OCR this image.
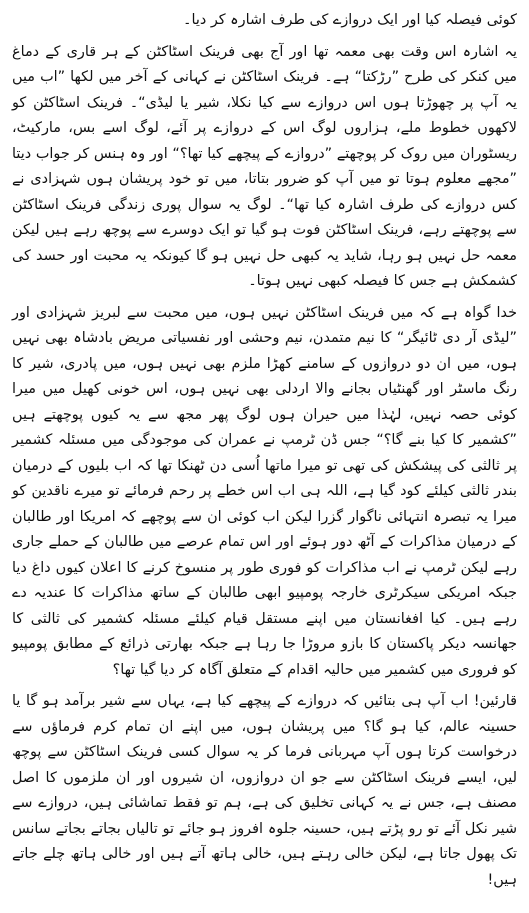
کوئی فیصلہ کیا اور ایک دروازے کی طرف اشارہ کر دیا۔

یہ اشارہ اس وقت بھی معمہ تھا اور آج بھی فرینک اسٹاکٹن کے ہر قاری کے دماغ میں کنکر کی طرح ”رڑکتا“ ہے۔ فرینک اسٹاکٹن نے کہانی کے آخر میں لکھا ”اب میں یہ آپ پر چھوڑتا ہوں اس دروازے سے کیا نکلا، شیر یا لیڈی“۔ فرینک اسٹاکٹن کو لاکھوں خطوط ملے، ہزاروں لوگ اس کے دروازے پر آئے، لوگ اسے بس، مارکیٹ، ریسٹوران میں روک کر پوچھتے ”دروازے کے پیچھے کیا تھا؟“ اور وہ ہنس کر جواب دیتا ”مجھے معلوم ہوتا تو میں آپ کو ضرور بتاتا، میں تو خود پریشان ہوں شہزادی نے کس دروازے کی طرف اشارہ کیا تھا“۔ لوگ یہ سوال پوری زندگی فرینک اسٹاکٹن سے پوچھتے رہے، فرینک اسٹاکٹن فوت ہو گیا تو ایک دوسرے سے پوچھ رہے ہیں لیکن معمہ حل نہیں ہو رہا، شاید یہ کبھی حل نہیں ہو گا کیونکہ یہ محبت اور حسد کی کشمکش ہے جس کا فیصلہ کبھی نہیں ہوتا۔

خدا گواہ ہے کہ میں فرینک اسٹاکٹن نہیں ہوں، میں محبت سے لبریز شہزادی اور ”لیڈی آر دی ٹائیگر“ کا نیم متمدن، نیم وحشی اور نفسیاتی مریض بادشاہ بھی نہیں ہوں، میں ان دو دروازوں کے سامنے کھڑا ملزم بھی نہیں ہوں، میں پادری، شیر کا رنگ ماسٹر اور گھنٹیاں بجانے والا اردلی بھی نہیں ہوں، اس خونی کھیل میں میرا کوئی حصہ نہیں، لہٰذا میں حیران ہوں لوگ پھر مجھ سے یہ کیوں پوچھتے ہیں ”کشمیر کا کیا بنے گا؟“ جس ڈن ٹرمپ نے عمران کی موجودگی میں مسئلہ کشمیر پر ثالثی کی پیشکش کی تھی تو میرا ماتھا اُسی دن ٹھنکا تھا کہ اب بلیوں کے درمیان بندر ثالثی کیلئے کود گیا ہے، اللہ ہی اب اس خطے پر رحم فرمائے تو میرے ناقدین کو میرا یہ تبصرہ انتہائی ناگوار گزرا لیکن اب کوئی ان سے پوچھے کہ امریکا اور طالبان کے درمیان مذاکرات کے آٹھ دور ہوئے اور اس تمام عرصے میں طالبان کے حملے جاری رہے لیکن ٹرمپ نے اب مذاکرات کو فوری طور پر منسوخ کرنے کا اعلان کیوں داغ دیا جبکہ امریکی سیکرٹری خارجہ پومپیو ابھی طالبان کے ساتھ مذاکرات کا عندیہ دے رہے ہیں۔ کیا افغانستان میں اپنے مستقل قیام کیلئے مسئلہ کشمیر کی ثالثی کا جھانسہ دیکر پاکستان کا بازو مروڑا جا رہا ہے جبکہ بھارتی ذرائع کے مطابق پومپیو کو فروری میں کشمیر میں حالیہ اقدام کے متعلق آگاہ کر دیا گیا تھا؟

قارئین! اب آپ ہی بتائیں کہ دروازے کے پیچھے کیا ہے، یہاں سے شیر برآمد ہو گا یا حسینہ عالم، کیا ہو گا؟ میں پریشان ہوں، میں اپنے ان تمام کرم فرماؤں سے درخواست کرتا ہوں آپ مہربانی فرما کر یہ سوال کسی فرینک اسٹاکٹن سے پوچھ لیں، ایسے فرینک اسٹاکٹن سے جو ان دروازوں، ان شیروں اور ان ملزموں کا اصل مصنف ہے، جس نے یہ کہانی تخلیق کی ہے، ہم تو فقط تماشائی ہیں، دروازے سے شیر نکل آئے تو رو پڑتے ہیں، حسینہ جلوہ افروز ہو جائے تو تالیاں بجاتے بجاتے سانس تک پھول جاتا ہے، لیکن خالی رہتے ہیں، خالی ہاتھ آتے ہیں اور خالی ہاتھ چلے جاتے ہیں!
